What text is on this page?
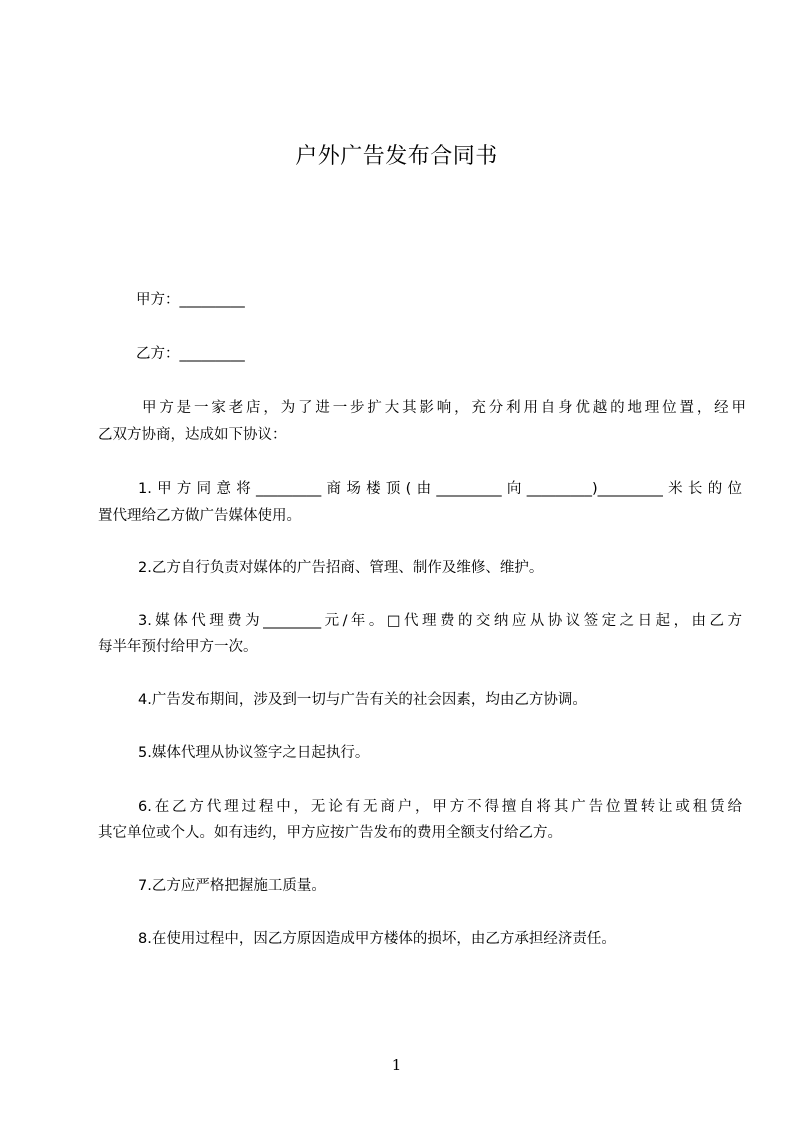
户外广告发布合同书
甲方：_________
乙方：_________
甲方是一家老店，为了进一步扩大其影响，充分利用自身优越的地理位置，经甲
乙双方协商，达成如下协议：
1.甲方同意将_________商场楼顶(由_________向_________)_________米长的位
置代理给乙方做广告媒体使用。
2.乙方自行负责对媒体的广告招商、管理、制作及维修、维护。
3.媒体代理费为________元/年。□代理费的交纳应从协议签定之日起，由乙方
每半年预付给甲方一次。
4.广告发布期间，涉及到一切与广告有关的社会因素，均由乙方协调。
5.媒体代理从协议签字之日起执行。
6.在乙方代理过程中，无论有无商户，甲方不得擅自将其广告位置转让或租赁给
其它单位或个人。如有违约，甲方应按广告发布的费用全额支付给乙方。
7.乙方应严格把握施工质量。
8.在使用过程中，因乙方原因造成甲方楼体的损坏，由乙方承担经济责任。
1
